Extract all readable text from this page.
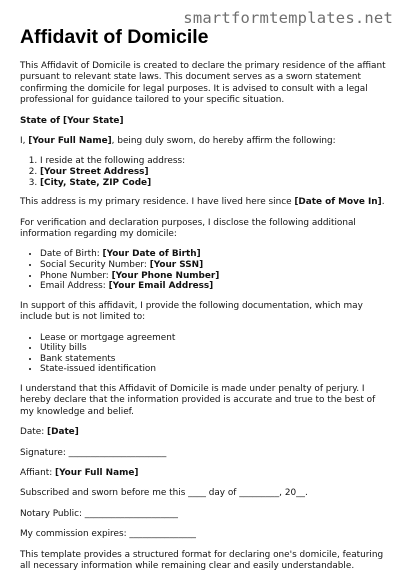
smartformtemplates.net
Affidavit of Domicile

This Affidavit of Domicile is created to declare the primary residence of the affiant pursuant to relevant state laws. This document serves as a sworn statement confirming the domicile for legal purposes. It is advised to consult with a legal professional for guidance tailored to your specific situation.

State of [Your State]

I, [Your Full Name], being duly sworn, do hereby affirm the following:

1. I reside at the following address:
2. [Your Street Address]
3. [City, State, ZIP Code]

This address is my primary residence. I have lived here since [Date of Move In].

For verification and declaration purposes, I disclose the following additional information regarding my domicile:

• Date of Birth: [Your Date of Birth]
• Social Security Number: [Your SSN]
• Phone Number: [Your Phone Number]
• Email Address: [Your Email Address]

In support of this affidavit, I provide the following documentation, which may include but is not limited to:

• Lease or mortgage agreement
• Utility bills
• Bank statements
• State-issued identification

I understand that this Affidavit of Domicile is made under penalty of perjury. I hereby declare that the information provided is accurate and true to the best of my knowledge and belief.

Date: [Date]

Signature: ______________________

Affiant: [Your Full Name]

Subscribed and sworn before me this ____ day of _________, 20__.

Notary Public: _____________________

My commission expires: _______________

This template provides a structured format for declaring one's domicile, featuring all necessary information while remaining clear and easily understandable.
